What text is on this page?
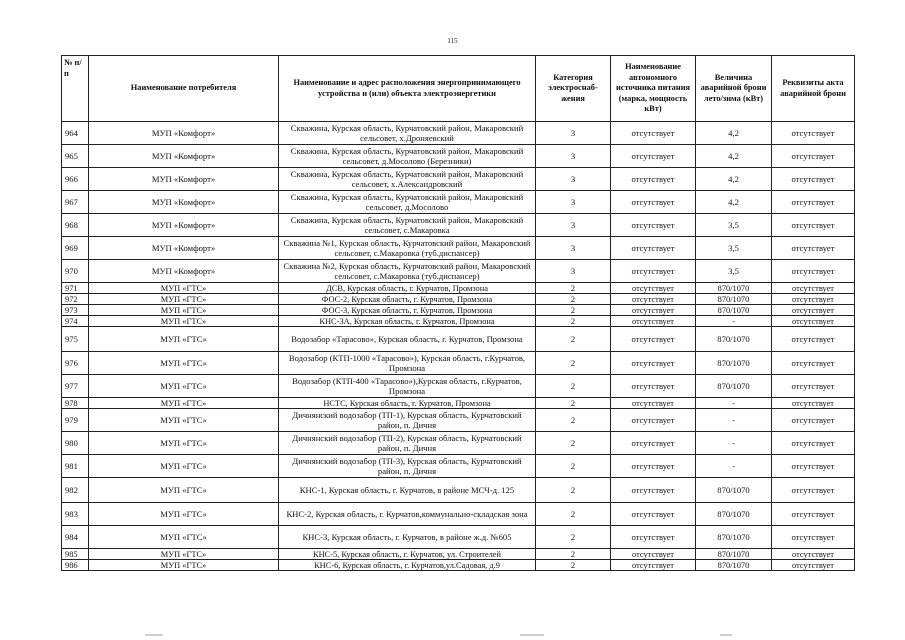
115
№ п/п	Наименование потребителя	Наименование и адрес расположения энергопринимающего устройства и (или) объекта электроэнергетики	Категория электроснаб-жения	Наименование автономного источника питания (марка, мощность кВт)	Величина аварийной брони лето/зима (кВт)	Реквизиты акта аварийной брони
964	МУП «Комфорт»	Скважина, Курская область, Курчатовский район, Макаровский сельсовет, х.Дроняевский	3	отсутствует	4,2	отсутствует
965	МУП «Комфорт»	Скважина, Курская область, Курчатовский район, Макаровский сельсовет, д.Мосолово (Березники)	3	отсутствует	4,2	отсутствует
966	МУП «Комфорт»	Скважина, Курская область, Курчатовский район, Макаровский сельсовет, х.Александровский	3	отсутствует	4,2	отсутствует
967	МУП «Комфорт»	Скважина, Курская область, Курчатовский район, Макаровский сельсовет, д.Мосолово	3	отсутствует	4,2	отсутствует
968	МУП «Комфорт»	Скважина, Курская область, Курчатовский район, Макаровский сельсовет, с.Макаровка	3	отсутствует	3,5	отсутствует
969	МУП «Комфорт»	Скважина №1, Курская область, Курчатовский район, Макаровский сельсовет, с.Макаровка (туб.диспансер)	3	отсутствует	3,5	отсутствует
970	МУП «Комфорт»	Скважина №2, Курская область, Курчатовский район, Макаровский сельсовет, с.Макаровка (туб.диспансер)	3	отсутствует	3,5	отсутствует
971	МУП «ГТС»	ДСВ, Курская область, г. Курчатов, Промзона	2	отсутствует	870/1070	отсутствует
972	МУП «ГТС»	ФОС-2, Курская область, г. Курчатов, Промзона	2	отсутствует	870/1070	отсутствует
973	МУП «ГТС»	ФОС-3, Курская область, г. Курчатов, Промзона	2	отсутствует	870/1070	отсутствует
974	МУП «ГТС»	КНС-3А, Курская область, г. Курчатов, Промзона	2	отсутствует	-	отсутствует
975	МУП «ГТС»	Водозабор «Тарасово», Курская область, г. Курчатов, Промзона	2	отсутствует	870/1070	отсутствует
976	МУП «ГТС»	Водозабор (КТП-1000 «Тарасово»), Курская область, г.Курчатов, Промзона	2	отсутствует	870/1070	отсутствует
977	МУП «ГТС»	Водозабор (КТП-400 «Тарасово»),Курская область, г.Курчатов, Промзона	2	отсутствует	870/1070	отсутствует
978	МУП «ГТС»	НСТС, Курская область, г. Курчатов, Промзона	2	отсутствует	-	отсутствует
979	МУП «ГТС»	Дичнянский водозабор (ТП-1), Курская область, Курчатовский район, п. Дичня	2	отсутствует	-	отсутствует
980	МУП «ГТС»	Дичнянский водозабор (ТП-2), Курская область, Курчатовский район, п. Дичня	2	отсутствует	-	отсутствует
981	МУП «ГТС»	Дичнянский водозабор (ТП-3), Курская область, Курчатовский район, п. Дичня	2	отсутствует	-	отсутствует
982	МУП «ГТС»	КНС-1, Курская область, г. Курчатов, в районе МСЧ-д. 125	2	отсутствует	870/1070	отсутствует
983	МУП «ГТС»	КНС-2, Курская область, г. Курчатов,коммунально-складская зона	2	отсутствует	870/1070	отсутствует
984	МУП «ГТС»	КНС-3, Курская область, г. Курчатов, в районе ж.д. №605	2	отсутствует	870/1070	отсутствует
985	МУП «ГТС»	КНС-5, Курская область, г. Курчатов, ул. Строителей	2	отсутствует	870/1070	отсутствует
986	МУП «ГТС»	КНС-6, Курская область, г. Курчатов,ул.Садовая, д.9	2	отсутствует	870/1070	отсутствует
